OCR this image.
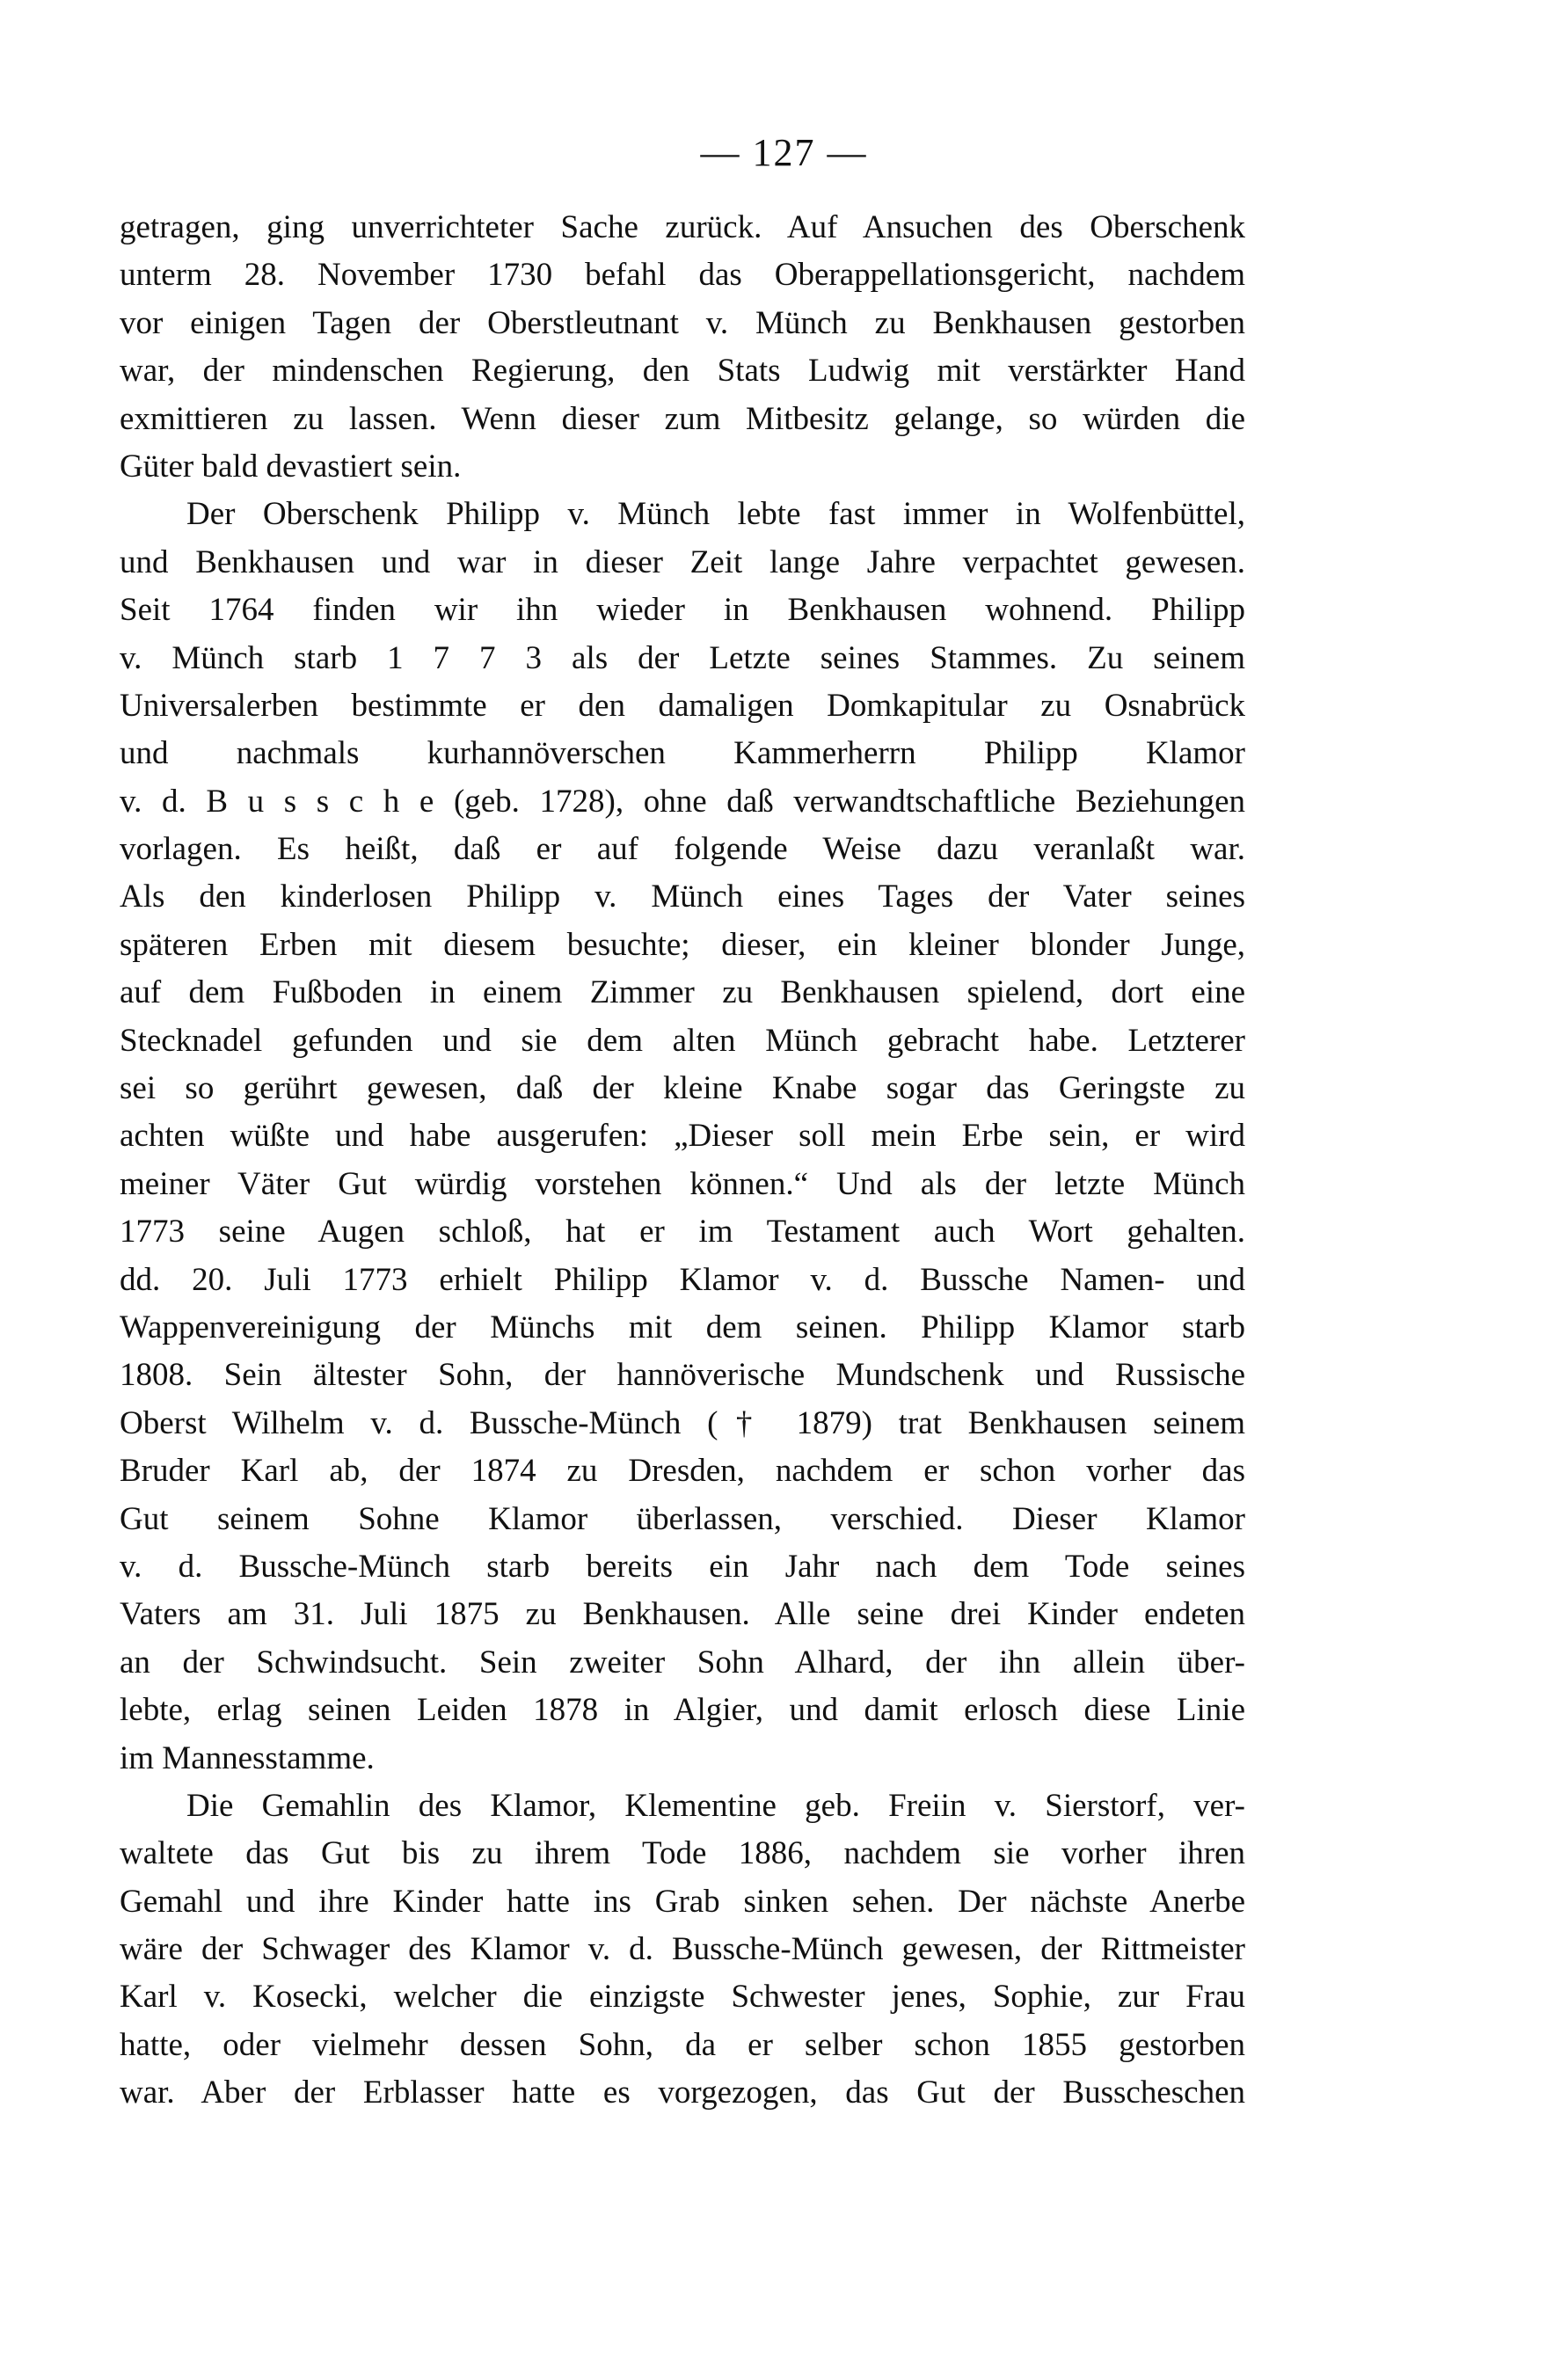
— 127 —
getragen, ging unverrichteter Sache zurück. Auf Ansuchen des Oberschenk
unterm 28. November 1730 befahl das Oberappellationsgericht, nachdem
vor einigen Tagen der Oberstleutnant v. Münch zu Benkhausen gestorben
war, der mindenschen Regierung, den Stats Ludwig mit verstärkter Hand
exmittieren zu lassen. Wenn dieser zum Mitbesitz gelange, so würden die
Güter bald devastiert sein.
Der Oberschenk Philipp v. Münch lebte fast immer in Wolfenbüttel,
und Benkhausen und war in dieser Zeit lange Jahre verpachtet gewesen.
Seit 1764 finden wir ihn wieder in Benkhausen wohnend. Philipp
v. Münch starb 1 7 7 3 als der Letzte seines Stammes. Zu seinem
Universalerben bestimmte er den damaligen Domkapitular zu Osnabrück
und nachmals kurhannöverschen Kammerherrn Philipp Klamor
v. d. B u s s c h e (geb. 1728), ohne daß verwandtschaftliche Beziehungen
vorlagen. Es heißt, daß er auf folgende Weise dazu veranlaßt war.
Als den kinderlosen Philipp v. Münch eines Tages der Vater seines
späteren Erben mit diesem besuchte; dieser, ein kleiner blonder Junge,
auf dem Fußboden in einem Zimmer zu Benkhausen spielend, dort eine
Stecknadel gefunden und sie dem alten Münch gebracht habe. Letzterer
sei so gerührt gewesen, daß der kleine Knabe sogar das Geringste zu
achten wüßte und habe ausgerufen: „Dieser soll mein Erbe sein, er wird
meiner Väter Gut würdig vorstehen können.“ Und als der letzte Münch
1773 seine Augen schloß, hat er im Testament auch Wort gehalten.
dd. 20. Juli 1773 erhielt Philipp Klamor v. d. Bussche Namen- und
Wappenvereinigung der Münchs mit dem seinen. Philipp Klamor starb
1808. Sein ältester Sohn, der hannöverische Mundschenk und Russische
Oberst Wilhelm v. d. Bussche-Münch († 1879) trat Benkhausen seinem
Bruder Karl ab, der 1874 zu Dresden, nachdem er schon vorher das
Gut seinem Sohne Klamor überlassen, verschied. Dieser Klamor
v. d. Bussche-Münch starb bereits ein Jahr nach dem Tode seines
Vaters am 31. Juli 1875 zu Benkhausen. Alle seine drei Kinder endeten
an der Schwindsucht. Sein zweiter Sohn Alhard, der ihn allein über-
lebte, erlag seinen Leiden 1878 in Algier, und damit erlosch diese Linie
im Mannesstamme.
Die Gemahlin des Klamor, Klementine geb. Freiin v. Sierstorf, ver-
waltete das Gut bis zu ihrem Tode 1886, nachdem sie vorher ihren
Gemahl und ihre Kinder hatte ins Grab sinken sehen. Der nächste Anerbe
wäre der Schwager des Klamor v. d. Bussche-Münch gewesen, der Rittmeister
Karl v. Kosecki, welcher die einzigste Schwester jenes, Sophie, zur Frau
hatte, oder vielmehr dessen Sohn, da er selber schon 1855 gestorben
war. Aber der Erblasser hatte es vorgezogen, das Gut der Busscheschen
